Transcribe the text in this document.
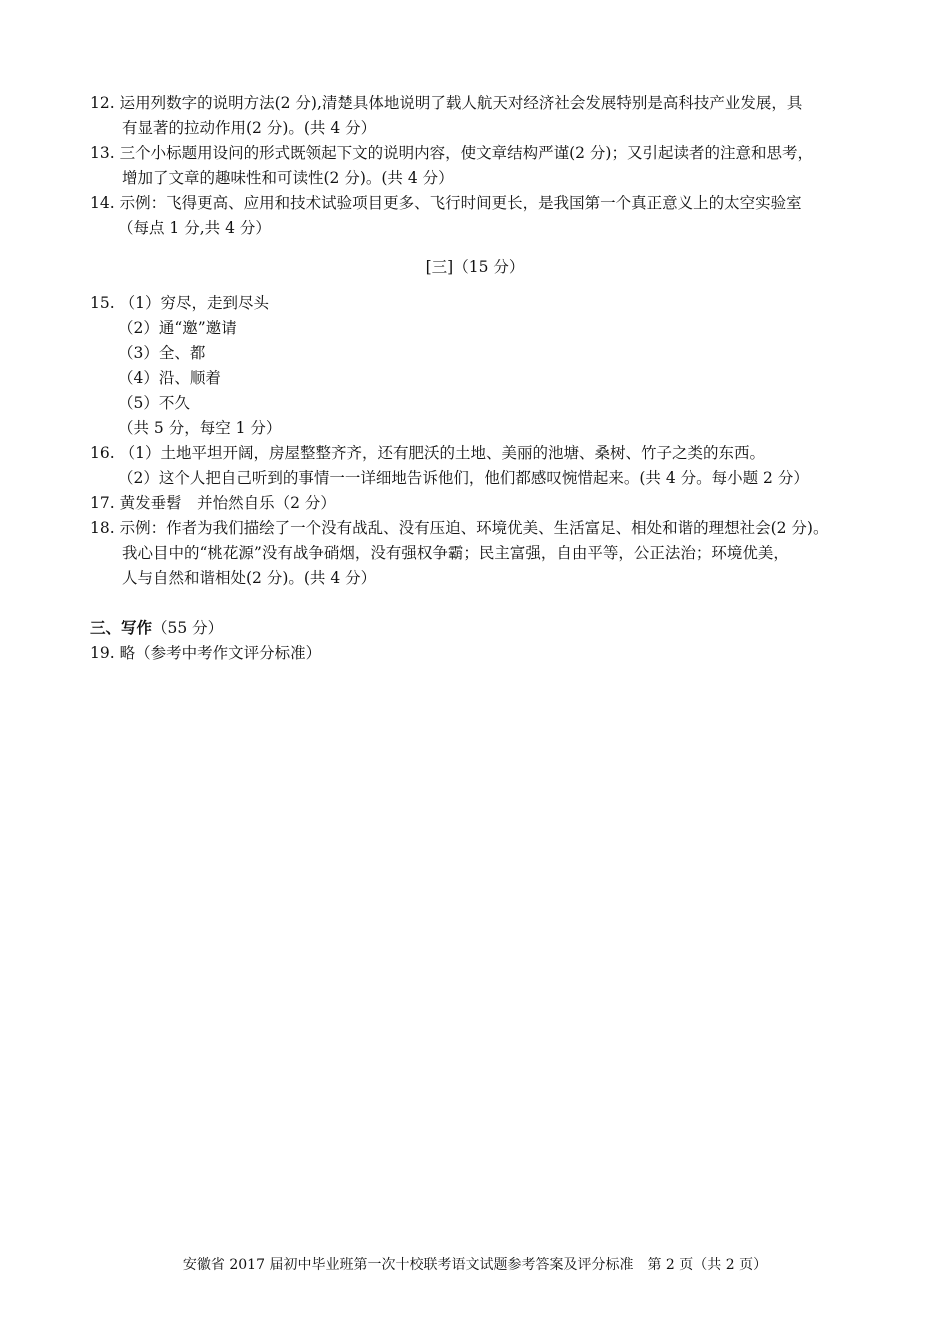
12. 运用列数字的说明方法(2 分),清楚具体地说明了载人航天对经济社会发展特别是高科技产业发展，具
有显著的拉动作用(2 分)。(共 4 分）
13. 三个小标题用设问的形式既领起下文的说明内容，使文章结构严谨(2 分)；又引起读者的注意和思考，
增加了文章的趣味性和可读性(2 分)。(共 4 分）
14. 示例：飞得更高、应用和技术试验项目更多、飞行时间更长，是我国第一个真正意义上的太空实验室
（每点 1 分,共 4 分）
[三]（15 分）
15. （1）穷尽，走到尽头
（2）通“邀”邀请
（3）全、都
（4）沿、顺着
（5）不久
（共 5 分，每空 1 分）
16. （1）土地平坦开阔，房屋整整齐齐，还有肥沃的土地、美丽的池塘、桑树、竹子之类的东西。
（2）这个人把自己听到的事情一一详细地告诉他们，他们都感叹惋惜起来。(共 4 分。每小题 2 分）
17. 黄发垂髫　并怡然自乐（2 分）
18. 示例：作者为我们描绘了一个没有战乱、没有压迫、环境优美、生活富足、相处和谐的理想社会(2 分)。
我心目中的“桃花源”没有战争硝烟，没有强权争霸；民主富强，自由平等，公正法治；环境优美，
人与自然和谐相处(2 分)。(共 4 分）
三、写作（55 分）
19. 略（参考中考作文评分标准）
安徽省 2017 届初中毕业班第一次十校联考语文试题参考答案及评分标准　第 2 页（共 2 页）
